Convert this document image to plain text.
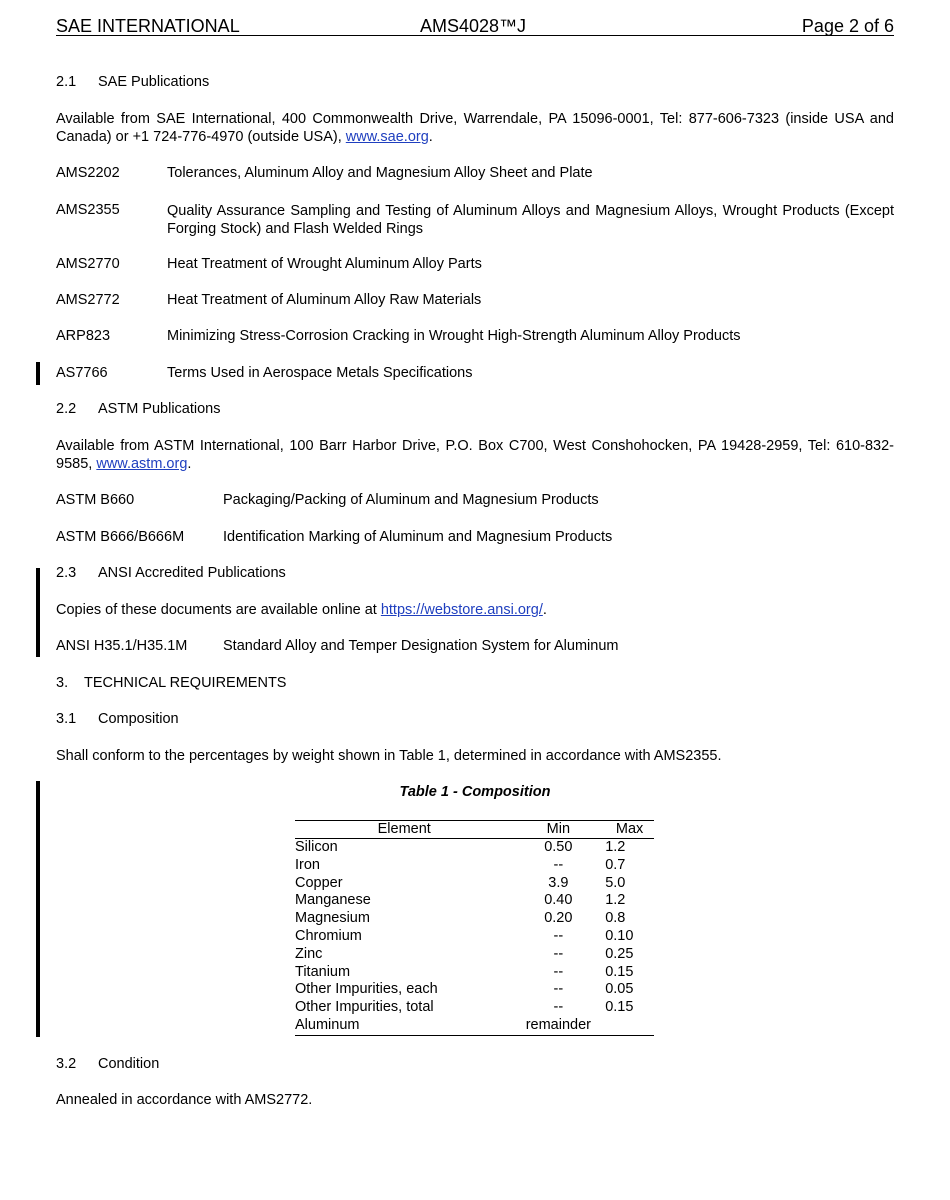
SAE INTERNATIONAL	AMS4028™J	Page 2 of 6
2.1 SAE Publications
Available from SAE International, 400 Commonwealth Drive, Warrendale, PA 15096-0001, Tel: 877-606-7323 (inside USA and Canada) or +1 724-776-4970 (outside USA), www.sae.org.
AMS2202	Tolerances, Aluminum Alloy and Magnesium Alloy Sheet and Plate
AMS2355	Quality Assurance Sampling and Testing of Aluminum Alloys and Magnesium Alloys, Wrought Products (Except Forging Stock) and Flash Welded Rings
AMS2770	Heat Treatment of Wrought Aluminum Alloy Parts
AMS2772	Heat Treatment of Aluminum Alloy Raw Materials
ARP823	Minimizing Stress-Corrosion Cracking in Wrought High-Strength Aluminum Alloy Products
AS7766	Terms Used in Aerospace Metals Specifications
2.2 ASTM Publications
Available from ASTM International, 100 Barr Harbor Drive, P.O. Box C700, West Conshohocken, PA 19428-2959, Tel: 610-832-9585, www.astm.org.
ASTM B660	Packaging/Packing of Aluminum and Magnesium Products
ASTM B666/B666M	Identification Marking of Aluminum and Magnesium Products
2.3 ANSI Accredited Publications
Copies of these documents are available online at https://webstore.ansi.org/.
ANSI H35.1/H35.1M Standard Alloy and Temper Designation System for Aluminum
3. TECHNICAL REQUIREMENTS
3.1 Composition
Shall conform to the percentages by weight shown in Table 1, determined in accordance with AMS2355.
Table 1 - Composition
Element	Min	Max
Silicon	0.50	1.2
Iron	--	0.7
Copper	3.9	5.0
Manganese	0.40	1.2
Magnesium	0.20	0.8
Chromium	--	0.10
Zinc	--	0.25
Titanium	--	0.15
Other Impurities, each	--	0.05
Other Impurities, total	--	0.15
Aluminum	remainder	
3.2 Condition
Annealed in accordance with AMS2772.
